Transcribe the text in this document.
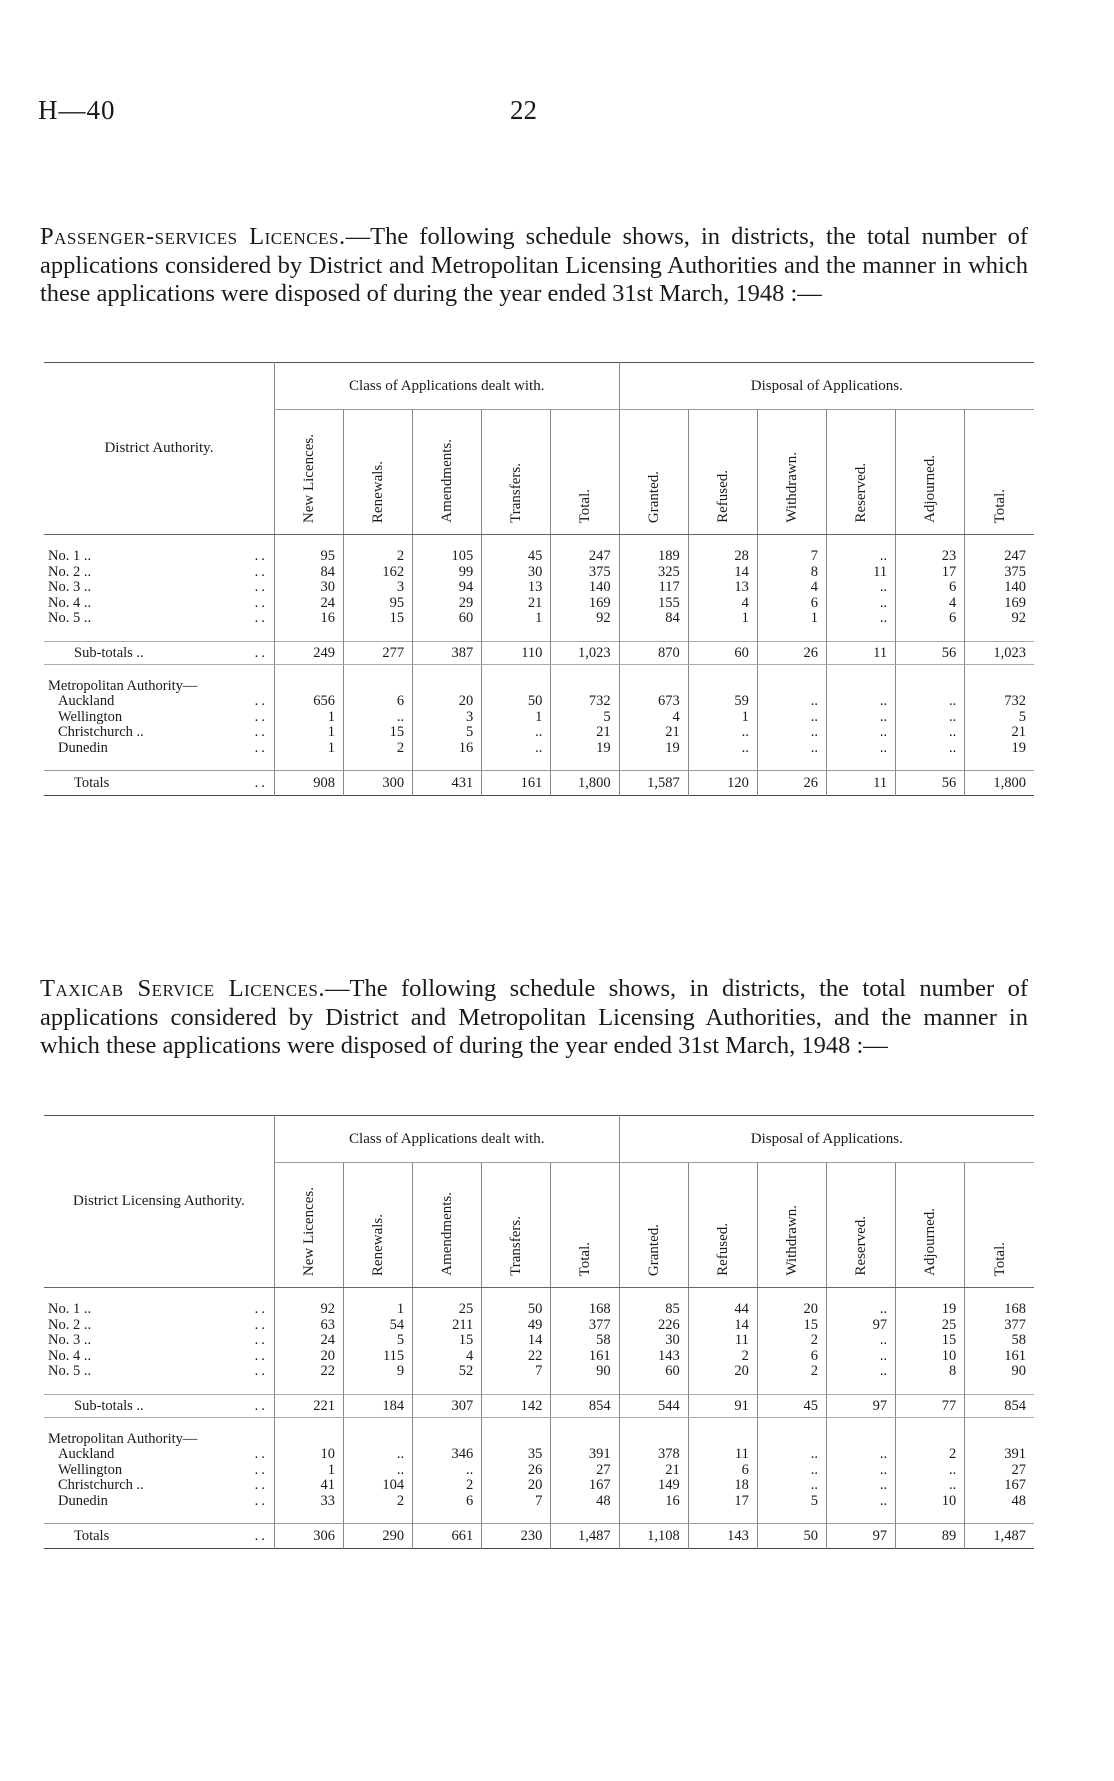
H—40	22
Passenger-services Licences.—The following schedule shows, in districts, the total number of applications considered by District and Metropolitan Licensing Authorities and the manner in which these applications were disposed of during the year ended 31st March, 1948 :—
District Authority.	Class of Applications dealt with.					Disposal of Applications.					
	New Licences.	Renewals.	Amendments.	Transfers.	Total.	Granted.	Refused.	Withdrawn.	Reserved.	Adjourned.	Total.

No. 1 .. ..	95	2	105	45	247	189	28	7	..	23	247
No. 2 .. ..	84	162	99	30	375	325	14	8	11	17	375
No. 3 .. ..	30	3	94	13	140	117	13	4	..	6	140
No. 4 .. ..	24	95	29	21	169	155	4	6	..	4	169
No. 5 .. ..	16	15	60	1	92	84	1	1	..	6	92

Sub-totals .. ..	249	277	387	110	1,023	870	60	26	11	56	1,023

Metropolitan Authority—											
Auckland ..	656	6	20	50	732	673	59	..	..	..	732
Wellington ..	1	..	3	1	5	4	1	..	..	..	5
Christchurch .. ..	1	15	5	..	21	21	..	..	..	..	21
Dunedin ..	1	2	16	..	19	19	..	..	..	..	19

Totals ..	908	300	431	161	1,800	1,587	120	26	11	56	1,800
Taxicab Service Licences.—The following schedule shows, in districts, the total number of applications considered by District and Metropolitan Licensing Authorities, and the manner in which these applications were disposed of during the year ended 31st March, 1948 :—
District Licensing Authority.	Class of Applications dealt with.					Disposal of Applications.					
	New Licences.	Renewals.	Amendments.	Transfers.	Total.	Granted.	Refused.	Withdrawn.	Reserved.	Adjourned.	Total.

No. 1 .. ..	92	1	25	50	168	85	44	20	..	19	168
No. 2 .. ..	63	54	211	49	377	226	14	15	97	25	377
No. 3 .. ..	24	5	15	14	58	30	11	2	..	15	58
No. 4 .. ..	20	115	4	22	161	143	2	6	..	10	161
No. 5 .. ..	22	9	52	7	90	60	20	2	..	8	90

Sub-totals .. ..	221	184	307	142	854	544	91	45	97	77	854

Metropolitan Authority—											
Auckland ..	10	..	346	35	391	378	11	..	..	2	391
Wellington ..	1	..	..	26	27	21	6	..	..	..	27
Christchurch .. ..	41	104	2	20	167	149	18	..	..	..	167
Dunedin ..	33	2	6	7	48	16	17	5	..	10	48

Totals ..	306	290	661	230	1,487	1,108	143	50	97	89	1,487
